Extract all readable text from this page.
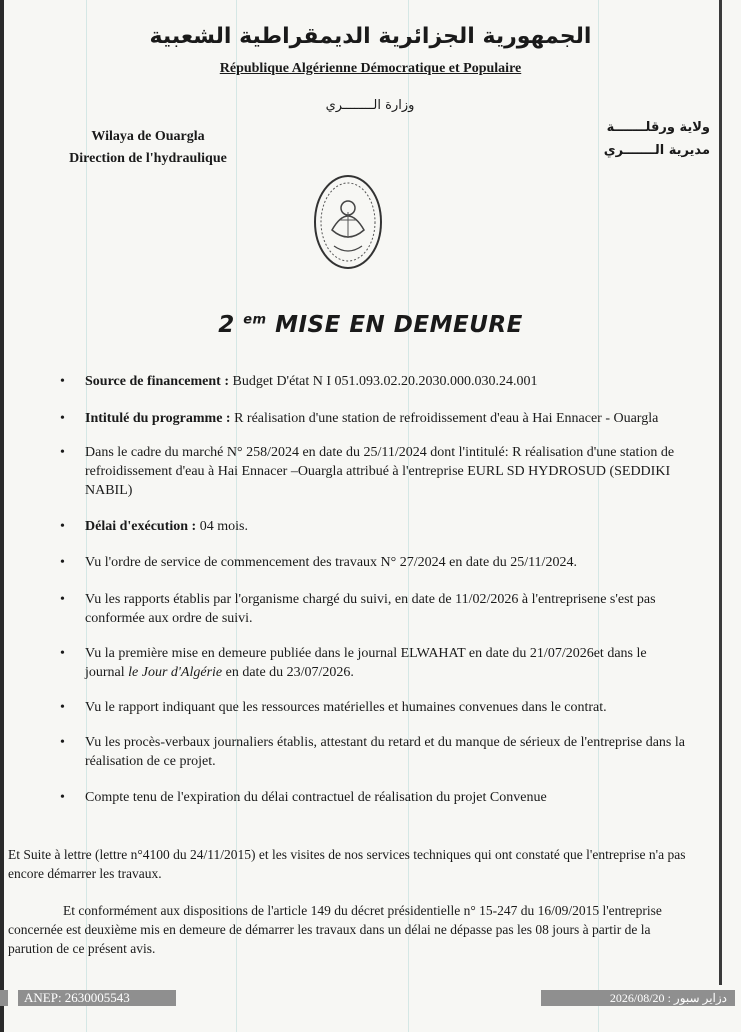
الجمهورية الجزائرية الديمقراطية الشعبية
République Algérienne Démocratique et Populaire
وزارة الــــــــري
Wilaya de Ouargla
Direction de l'hydraulique
ولاية ورقلـــــــة
مديرية الـــــــري
2 $^{em}$ MISE EN DEMEURE
• Source de financement : Budget D'état N I 051.093.02.20.2030.000.030.24.001
• Intitulé du programme : R réalisation d'une station de refroidissement d'eau à Hai Ennacer - Ouargla
• Dans le cadre du marché N° 258/2024 en date du 25/11/2024 dont l'intitulé: R réalisation d'une station de refroidissement d'eau à Hai Ennacer –Ouargla attribué à l'entreprise EURL SD HYDROSUD (SEDDIKI NABIL)
• Délai d'exécution : 04 mois.
• Vu l'ordre de service de commencement des travaux N° 27/2024 en date du 25/11/2024.
• Vu les rapports établis par l'organisme chargé du suivi, en date de 11/02/2026 à l'entreprisene s'est pas conformée aux ordre de suivi.
• Vu la première mise en demeure publiée dans le journal ELWAHAT en date du 21/07/2026et dans le journal le Jour d'Algérie en date du 23/07/2026.
• Vu le rapport indiquant que les ressources matérielles et humaines convenues dans le contrat.
• Vu les procès-verbaux journaliers établis, attestant du retard et du manque de sérieux de l'entreprise dans la réalisation de ce projet.
• Compte tenu de l'expiration du délai contractuel de réalisation du projet Convenue
Et Suite à lettre (lettre n°4100 du 24/11/2015) et les visites de nos services techniques qui ont constaté que l'entreprise n'a pas encore démarrer les travaux.
Et conformément aux dispositions de l'article 149 du décret présidentielle n° 15-247 du 16/09/2015 l'entreprise concernée est deuxième mis en demeure de démarrer les travaux dans un délai ne dépasse pas les 08 jours à partir de la parution de ce présent avis.
ANEP: 2630005543	دزاير سبور : 2026/08/20
